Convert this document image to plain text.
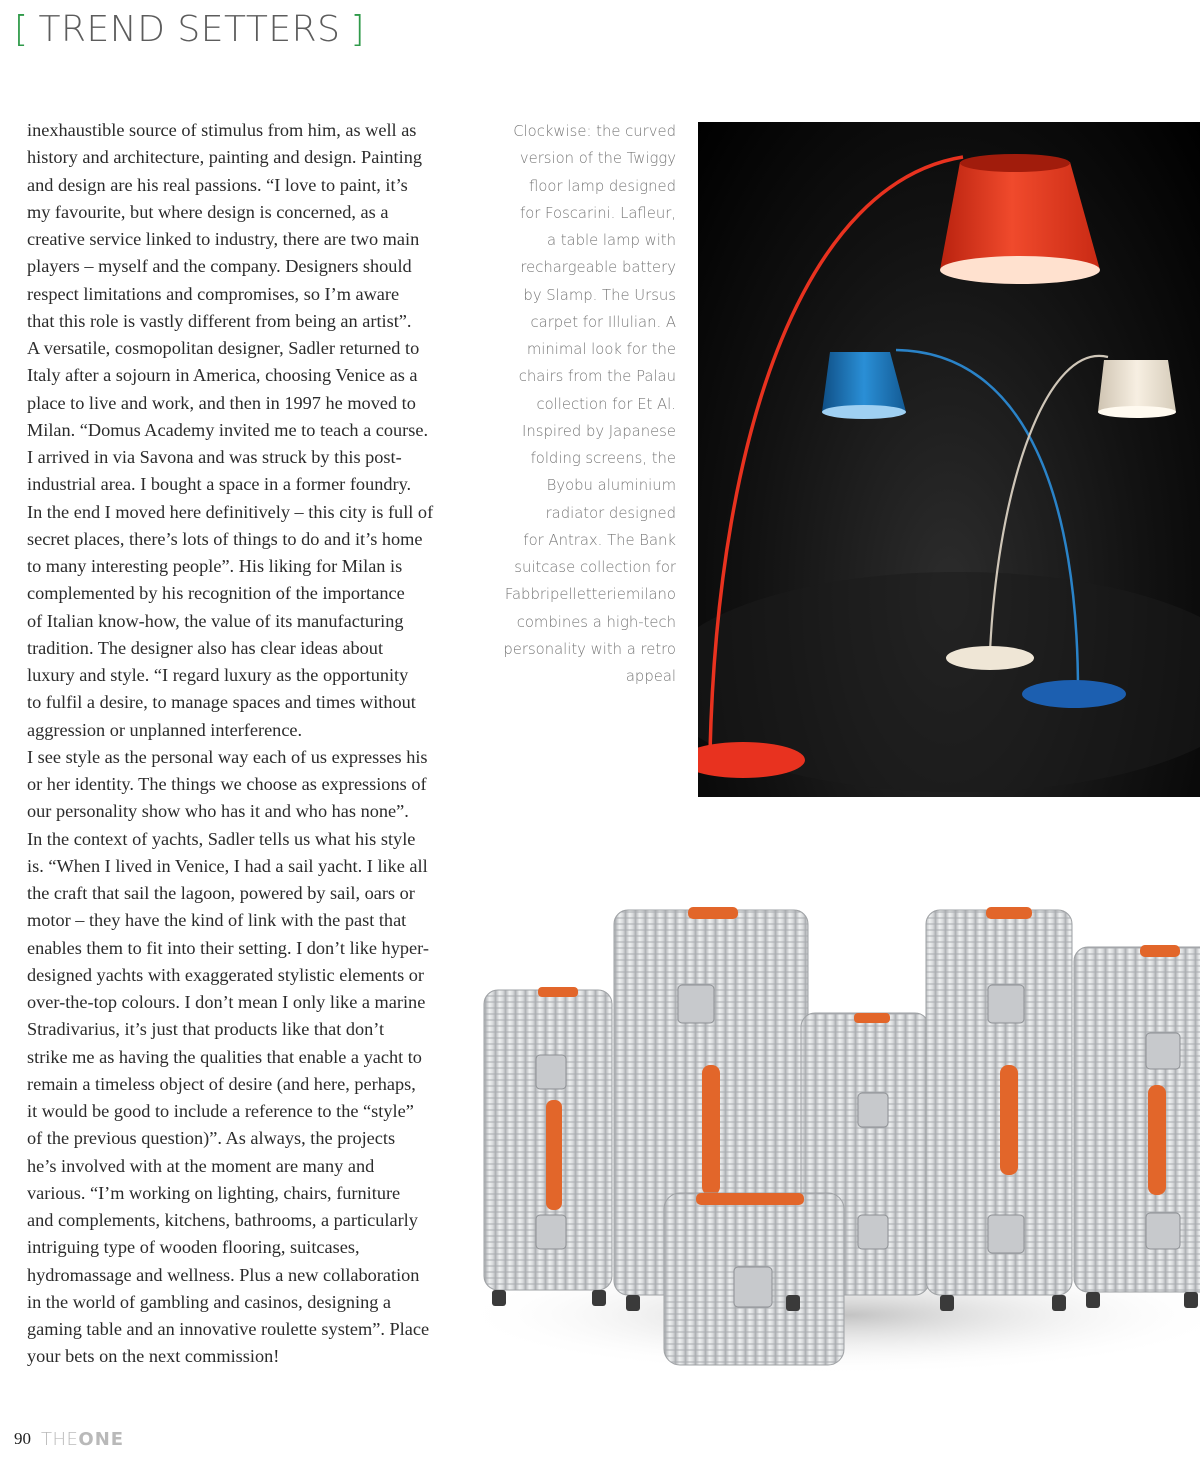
[ TREND SETTERS ]
inexhaustible source of stimulus from him, as well as
history and architecture, painting and design. Painting
and design are his real passions. “I love to paint, it’s
my favourite, but where design is concerned, as a
creative service linked to industry, there are two main
players – myself and the company. Designers should
respect limitations and compromises, so I’m aware
that this role is vastly different from being an artist”.
A versatile, cosmopolitan designer, Sadler returned to
Italy after a sojourn in America, choosing Venice as a
place to live and work, and then in 1997 he moved to
Milan. “Domus Academy invited me to teach a course.
I arrived in via Savona and was struck by this post-
industrial area. I bought a space in a former foundry.
In the end I moved here definitively – this city is full of
secret places, there’s lots of things to do and it’s home
to many interesting people”. His liking for Milan is
complemented by his recognition of the importance
of Italian know-how, the value of its manufacturing
tradition. The designer also has clear ideas about
luxury and style. “I regard luxury as the opportunity
to fulfil a desire, to manage spaces and times without
aggression or unplanned interference.
I see style as the personal way each of us expresses his
or her identity. The things we choose as expressions of
our personality show who has it and who has none”.
In the context of yachts, Sadler tells us what his style
is. “When I lived in Venice, I had a sail yacht. I like all
the craft that sail the lagoon, powered by sail, oars or
motor – they have the kind of link with the past that
enables them to fit into their setting. I don’t like hyper-
designed yachts with exaggerated stylistic elements or
over-the-top colours. I don’t mean I only like a marine
Stradivarius, it’s just that products like that don’t
strike me as having the qualities that enable a yacht to
remain a timeless object of desire (and here, perhaps,
it would be good to include a reference to the “style”
of the previous question)”. As always, the projects
he’s involved with at the moment are many and
various. “I’m working on lighting, chairs, furniture
and complements, kitchens, bathrooms, a particularly
intriguing type of wooden flooring, suitcases,
hydromassage and wellness. Plus a new collaboration
in the world of gambling and casinos, designing a
gaming table and an innovative roulette system”. Place
your bets on the next commission!
Clockwise: the curved
version of the Twiggy
floor lamp designed
for Foscarini. Lafleur,
a table lamp with
rechargeable battery
by Slamp. The Ursus
carpet for Illulian. A
minimal look for the
chairs from the Palau
collection for Et Al.
Inspired by Japanese
folding screens, the
Byobu aluminium
radiator designed
for Antrax. The Bank
suitcase collection for
Fabbripelletteriemilano
combines a high-tech
personality with a retro
appeal
90 THEONE
